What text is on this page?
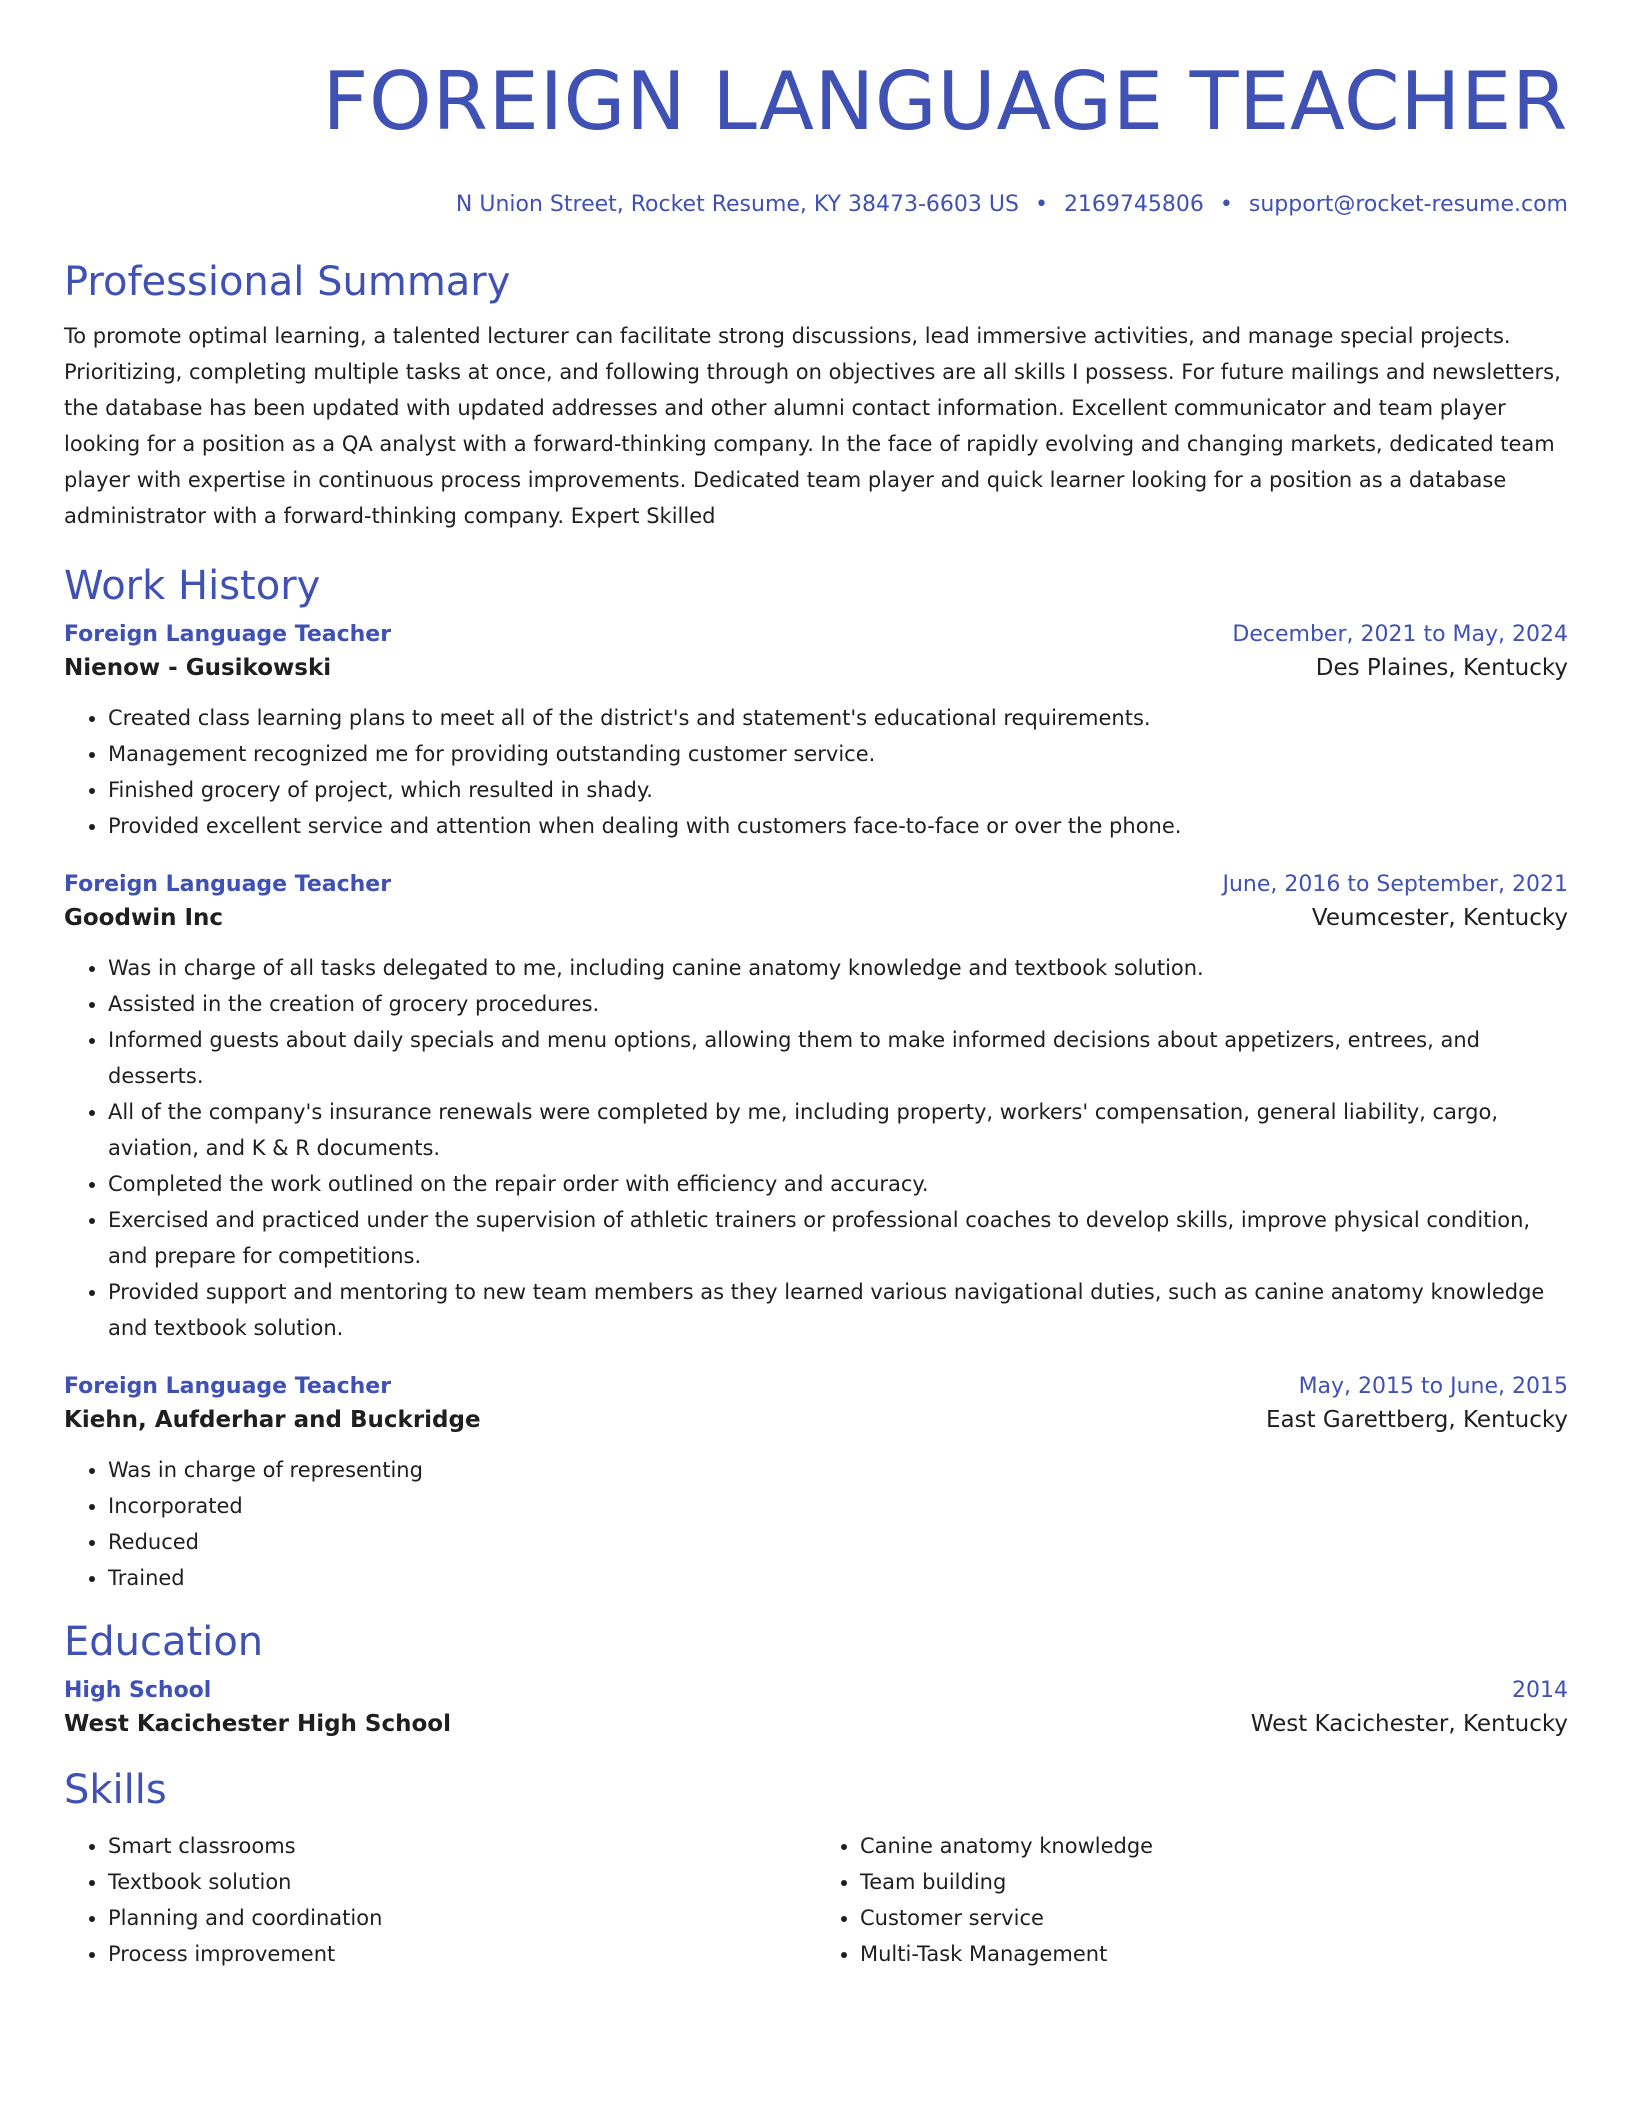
FOREIGN LANGUAGE TEACHER
N Union Street, Rocket Resume, KY 38473-6603 US • 2169745806 • support@rocket-resume.com
Professional Summary

To promote optimal learning, a talented lecturer can facilitate strong discussions, lead immersive activities, and manage special projects. Prioritizing, completing multiple tasks at once, and following through on objectives are all skills I possess. For future mailings and newsletters, the database has been updated with updated addresses and other alumni contact information. Excellent communicator and team player looking for a position as a QA analyst with a forward-thinking company. In the face of rapidly evolving and changing markets, dedicated team player with expertise in continuous process improvements. Dedicated team player and quick learner looking for a position as a database administrator with a forward-thinking company. Expert Skilled

Work History
Foreign Language Teacher	December, 2021 to May, 2024
Nienow - Gusikowski	Des Plaines, Kentucky
• Created class learning plans to meet all of the district's and statement's educational requirements.
• Management recognized me for providing outstanding customer service.
• Finished grocery of project, which resulted in shady.
• Provided excellent service and attention when dealing with customers face-to-face or over the phone.
Foreign Language Teacher	June, 2016 to September, 2021
Goodwin Inc	Veumcester, Kentucky
• Was in charge of all tasks delegated to me, including canine anatomy knowledge and textbook solution.
• Assisted in the creation of grocery procedures.
• Informed guests about daily specials and menu options, allowing them to make informed decisions about appetizers, entrees, and desserts.
• All of the company's insurance renewals were completed by me, including property, workers' compensation, general liability, cargo, aviation, and K & R documents.
• Completed the work outlined on the repair order with efficiency and accuracy.
• Exercised and practiced under the supervision of athletic trainers or professional coaches to develop skills, improve physical condition, and prepare for competitions.
• Provided support and mentoring to new team members as they learned various navigational duties, such as canine anatomy knowledge and textbook solution.
Foreign Language Teacher	May, 2015 to June, 2015
Kiehn, Aufderhar and Buckridge	East Garettberg, Kentucky
• Was in charge of representing
• Incorporated
• Reduced
• Trained
Education
High School	2014
West Kacichester High School	West Kacichester, Kentucky
Skills
• Smart classrooms
• Textbook solution
• Planning and coordination
• Process improvement
• Canine anatomy knowledge
• Team building
• Customer service
• Multi-Task Management
